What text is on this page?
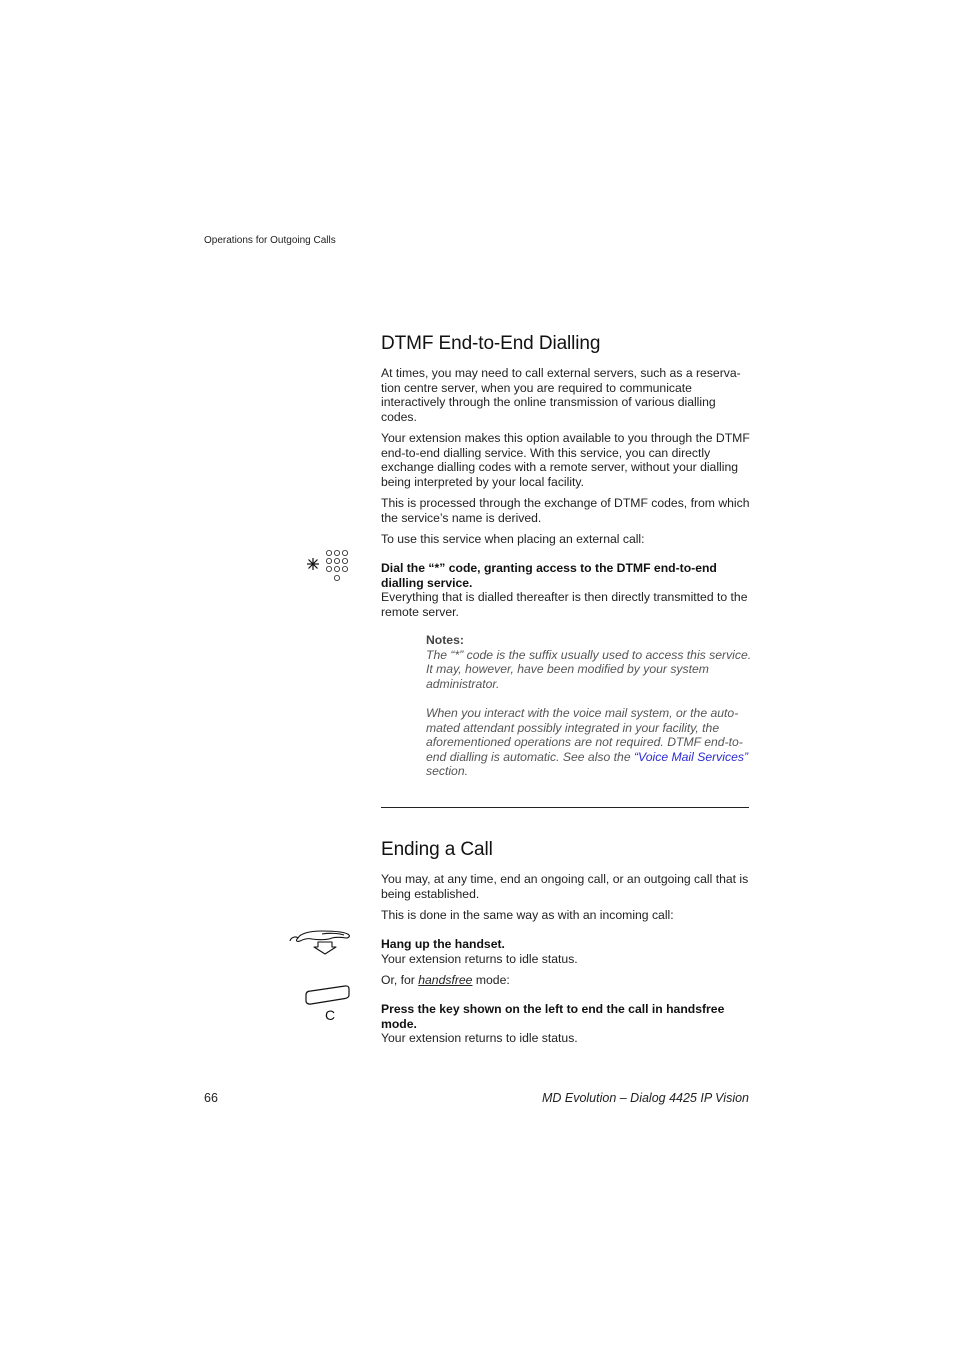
Operations for Outgoing Calls
DTMF End-to-End Dialling

At times, you may need to call external servers, such as a reserva-tion centre server, when you are required to communicate interactively through the online transmission of various dialling codes.

Your extension makes this option available to you through the DTMF end-to-end dialling service. With this service, you can directly exchange dialling codes with a remote server, without your dialling being interpreted by your local facility.

This is processed through the exchange of DTMF codes, from which the service’s name is derived.

To use this service when placing an external call:

Dial the “*” code, granting access to the DTMF end-to-end dialling service.

Everything that is dialled thereafter is then directly transmitted to the remote server.

Notes:
The “*” code is the suffix usually used to access this service. It may, however, have been modified by your system administrator.
When you interact with the voice mail system, or the auto-mated attendant possibly integrated in your facility, the aforementioned operations are not required. DTMF end-to-end dialling is automatic. See also the “Voice Mail Services” section.
Ending a Call

You may, at any time, end an ongoing call, or an outgoing call that is being established.

This is done in the same way as with an incoming call:

Hang up the handset.

Your extension returns to idle status.

Or, for handsfree mode:
C	Press the key shown on the left to end the call in handsfree mode.

Your extension returns to idle status.

66	MD Evolution – Dialog 4425 IP Vision
